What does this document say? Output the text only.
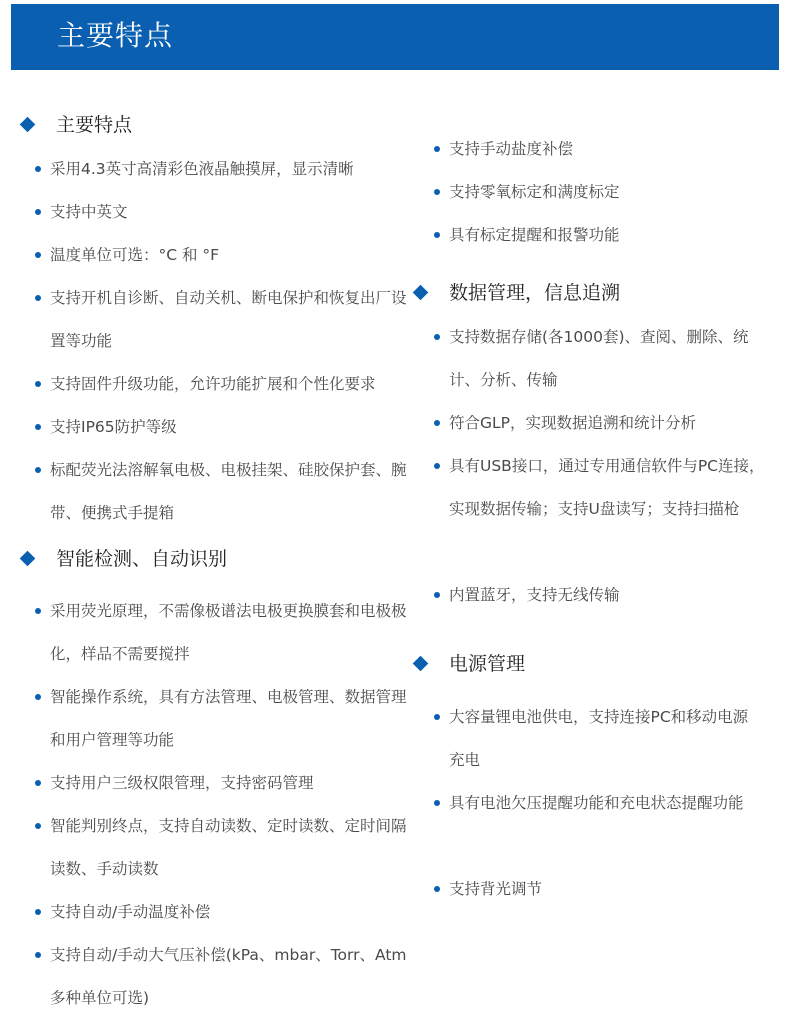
主要特点
主要特点
采用4.3英寸高清彩色液晶触摸屏，显示清晰
支持中英文
温度单位可选：°C 和 °F
支持开机自诊断、自动关机、断电保护和恢复出厂设置等功能
支持固件升级功能，允许功能扩展和个性化要求
支持IP65防护等级
标配荧光法溶解氧电极、电极挂架、硅胶保护套、腕带、便携式手提箱
智能检测、自动识别
采用荧光原理，不需像极谱法电极更换膜套和电极极化，样品不需要搅拌
智能操作系统，具有方法管理、电极管理、数据管理和用户管理等功能
支持用户三级权限管理，支持密码管理
智能判别终点，支持自动读数、定时读数、定时间隔读数、手动读数
支持自动/手动温度补偿
支持自动/手动大气压补偿(kPa、mbar、Torr、Atm多种单位可选)
支持手动盐度补偿
支持零氧标定和满度标定
具有标定提醒和报警功能
数据管理，信息追溯
支持数据存储(各1000套)、查阅、删除、统计、分析、传输
符合GLP，实现数据追溯和统计分析
具有USB接口，通过专用通信软件与PC连接，实现数据传输；支持U盘读写；支持扫描枪
内置蓝牙，支持无线传输
电源管理
大容量锂电池供电，支持连接PC和移动电源充电
具有电池欠压提醒功能和充电状态提醒功能
支持背光调节
